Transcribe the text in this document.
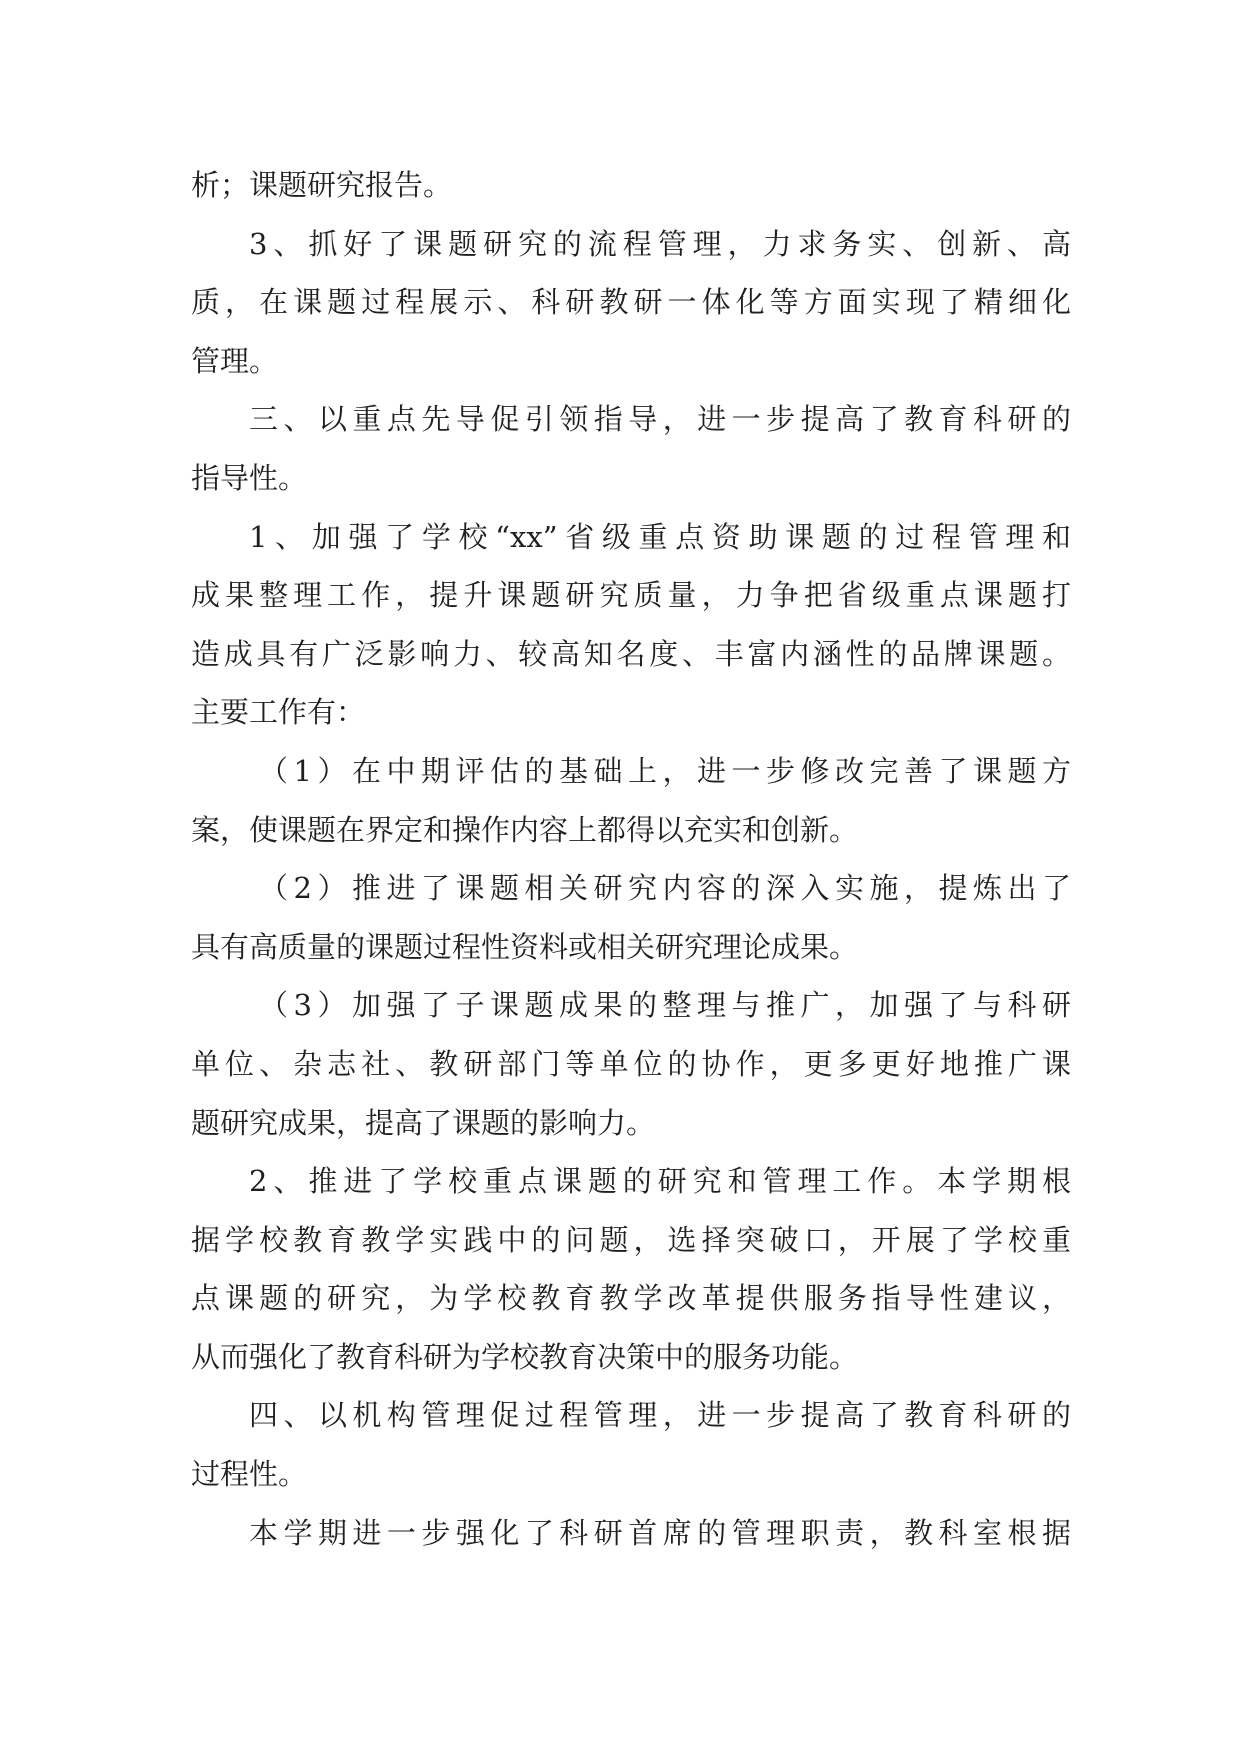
析；课题研究报告。
3、抓好了课题研究的流程管理，力求务实、创新、高
质，在课题过程展示、科研教研一体化等方面实现了精细化
管理。
三、以重点先导促引领指导，进一步提高了教育科研的
指导性。
1、加强了学校“xx”省级重点资助课题的过程管理和
成果整理工作，提升课题研究质量，力争把省级重点课题打
造成具有广泛影响力、较高知名度、丰富内涵性的品牌课题。
主要工作有：
（1）在中期评估的基础上，进一步修改完善了课题方
案，使课题在界定和操作内容上都得以充实和创新。
（2）推进了课题相关研究内容的深入实施，提炼出了
具有高质量的课题过程性资料或相关研究理论成果。
（3）加强了子课题成果的整理与推广，加强了与科研
单位、杂志社、教研部门等单位的协作，更多更好地推广课
题研究成果，提高了课题的影响力。
2、推进了学校重点课题的研究和管理工作。本学期根
据学校教育教学实践中的问题，选择突破口，开展了学校重
点课题的研究，为学校教育教学改革提供服务指导性建议，
从而强化了教育科研为学校教育决策中的服务功能。
四、以机构管理促过程管理，进一步提高了教育科研的
过程性。
本学期进一步强化了科研首席的管理职责，教科室根据
